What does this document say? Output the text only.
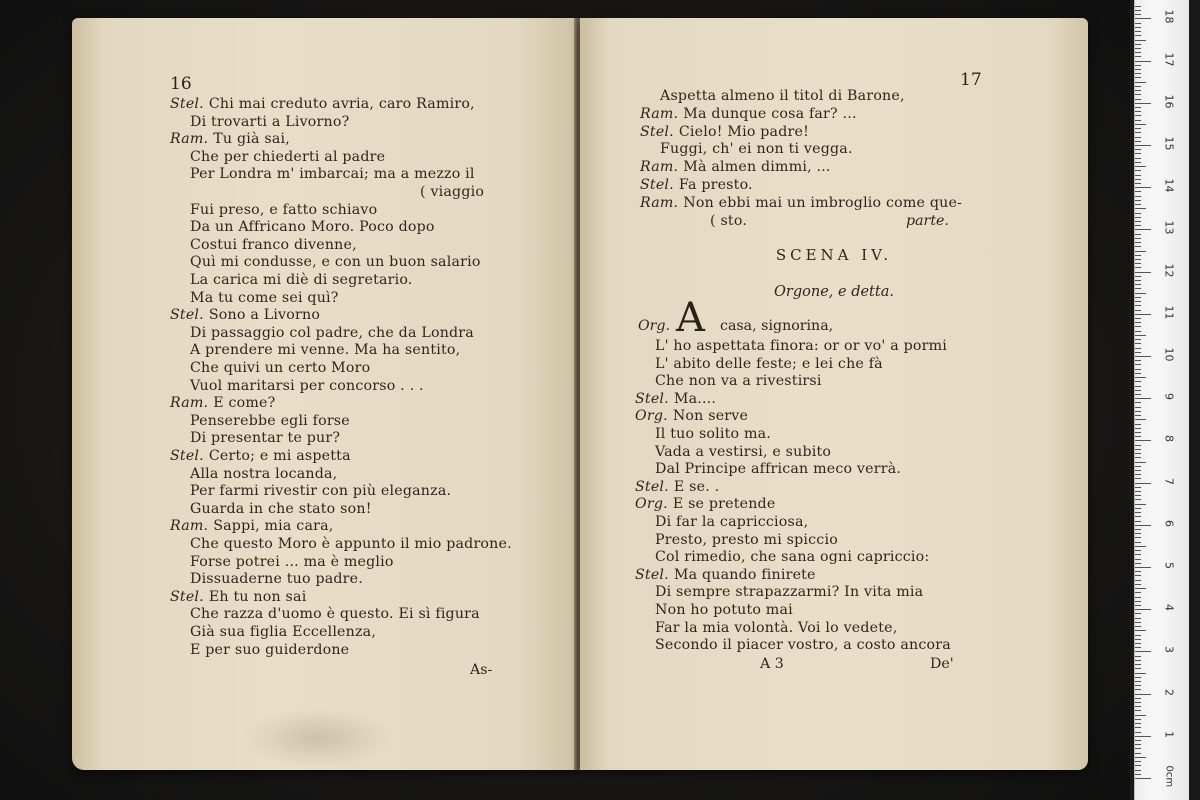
16
Stel. Chi mai creduto avria, caro Ramiro,
Di trovarti a Livorno?
Ram. Tu già sai,
Che per chiederti al padre
Per Londra m' imbarcai; ma a mezzo il
( viaggio
Fui preso, e fatto schiavo
Da un Affricano Moro. Poco dopo
Costui franco divenne,
Quì mi condusse, e con un buon salario
La carica mi diè di segretario.
Ma tu come sei quì?
Stel. Sono a Livorno
Di passaggio col padre, che da Londra
A prendere mi venne. Ma ha sentito,
Che quivi un certo Moro
Vuol maritarsi per concorso . . .
Ram. E come?
Penserebbe egli forse
Di presentar te pur?
Stel. Certo; e mi aspetta
Alla nostra locanda,
Per farmi rivestir con più eleganza.
Guarda in che stato son!
Ram. Sappi, mia cara,
Che questo Moro è appunto il mio padrone.
Forse potrei ... ma è meglio
Dissuaderne tuo padre.
Stel. Eh tu non sai
Che razza d'uomo è questo. Ei sì figura
Già sua figlia Eccellenza,
E per suo guiderdone
As-
17
Aspetta almeno il titol di Barone,
Ram. Ma dunque cosa far? ...
Stel. Cielo! Mio padre!
Fuggi, ch' ei non ti vegga.
Ram. Mà almen dimmi, ...
Stel. Fa presto.
Ram. Non ebbi mai un imbroglio come que-
( sto.	parte.
SCENA IV.
Orgone, e detta.
Org. A casa, signorina,
L' ho aspettata finora: or or vo' a pormi
L' abito delle feste; e lei che fà
Che non va a rivestirsi
Stel. Ma....
Org. Non serve
Il tuo solito ma.
Vada a vestirsi, e subito
Dal Principe affrican meco verrà.
Stel. E se. .
Org. E se pretende
Di far la capricciosa,
Presto, presto mi spiccio
Col rimedio, che sana ogni capriccio:
Stel. Ma quando finirete
Di sempre strapazzarmi? In vita mia
Non ho potuto mai
Far la mia volontà. Voi lo vedete,
Secondo il piacer vostro, a costo ancora
A 3	De'
0cm
18
17
16
15
14
13
12
11
10
9
8
7
6
5
4
3
2
1
